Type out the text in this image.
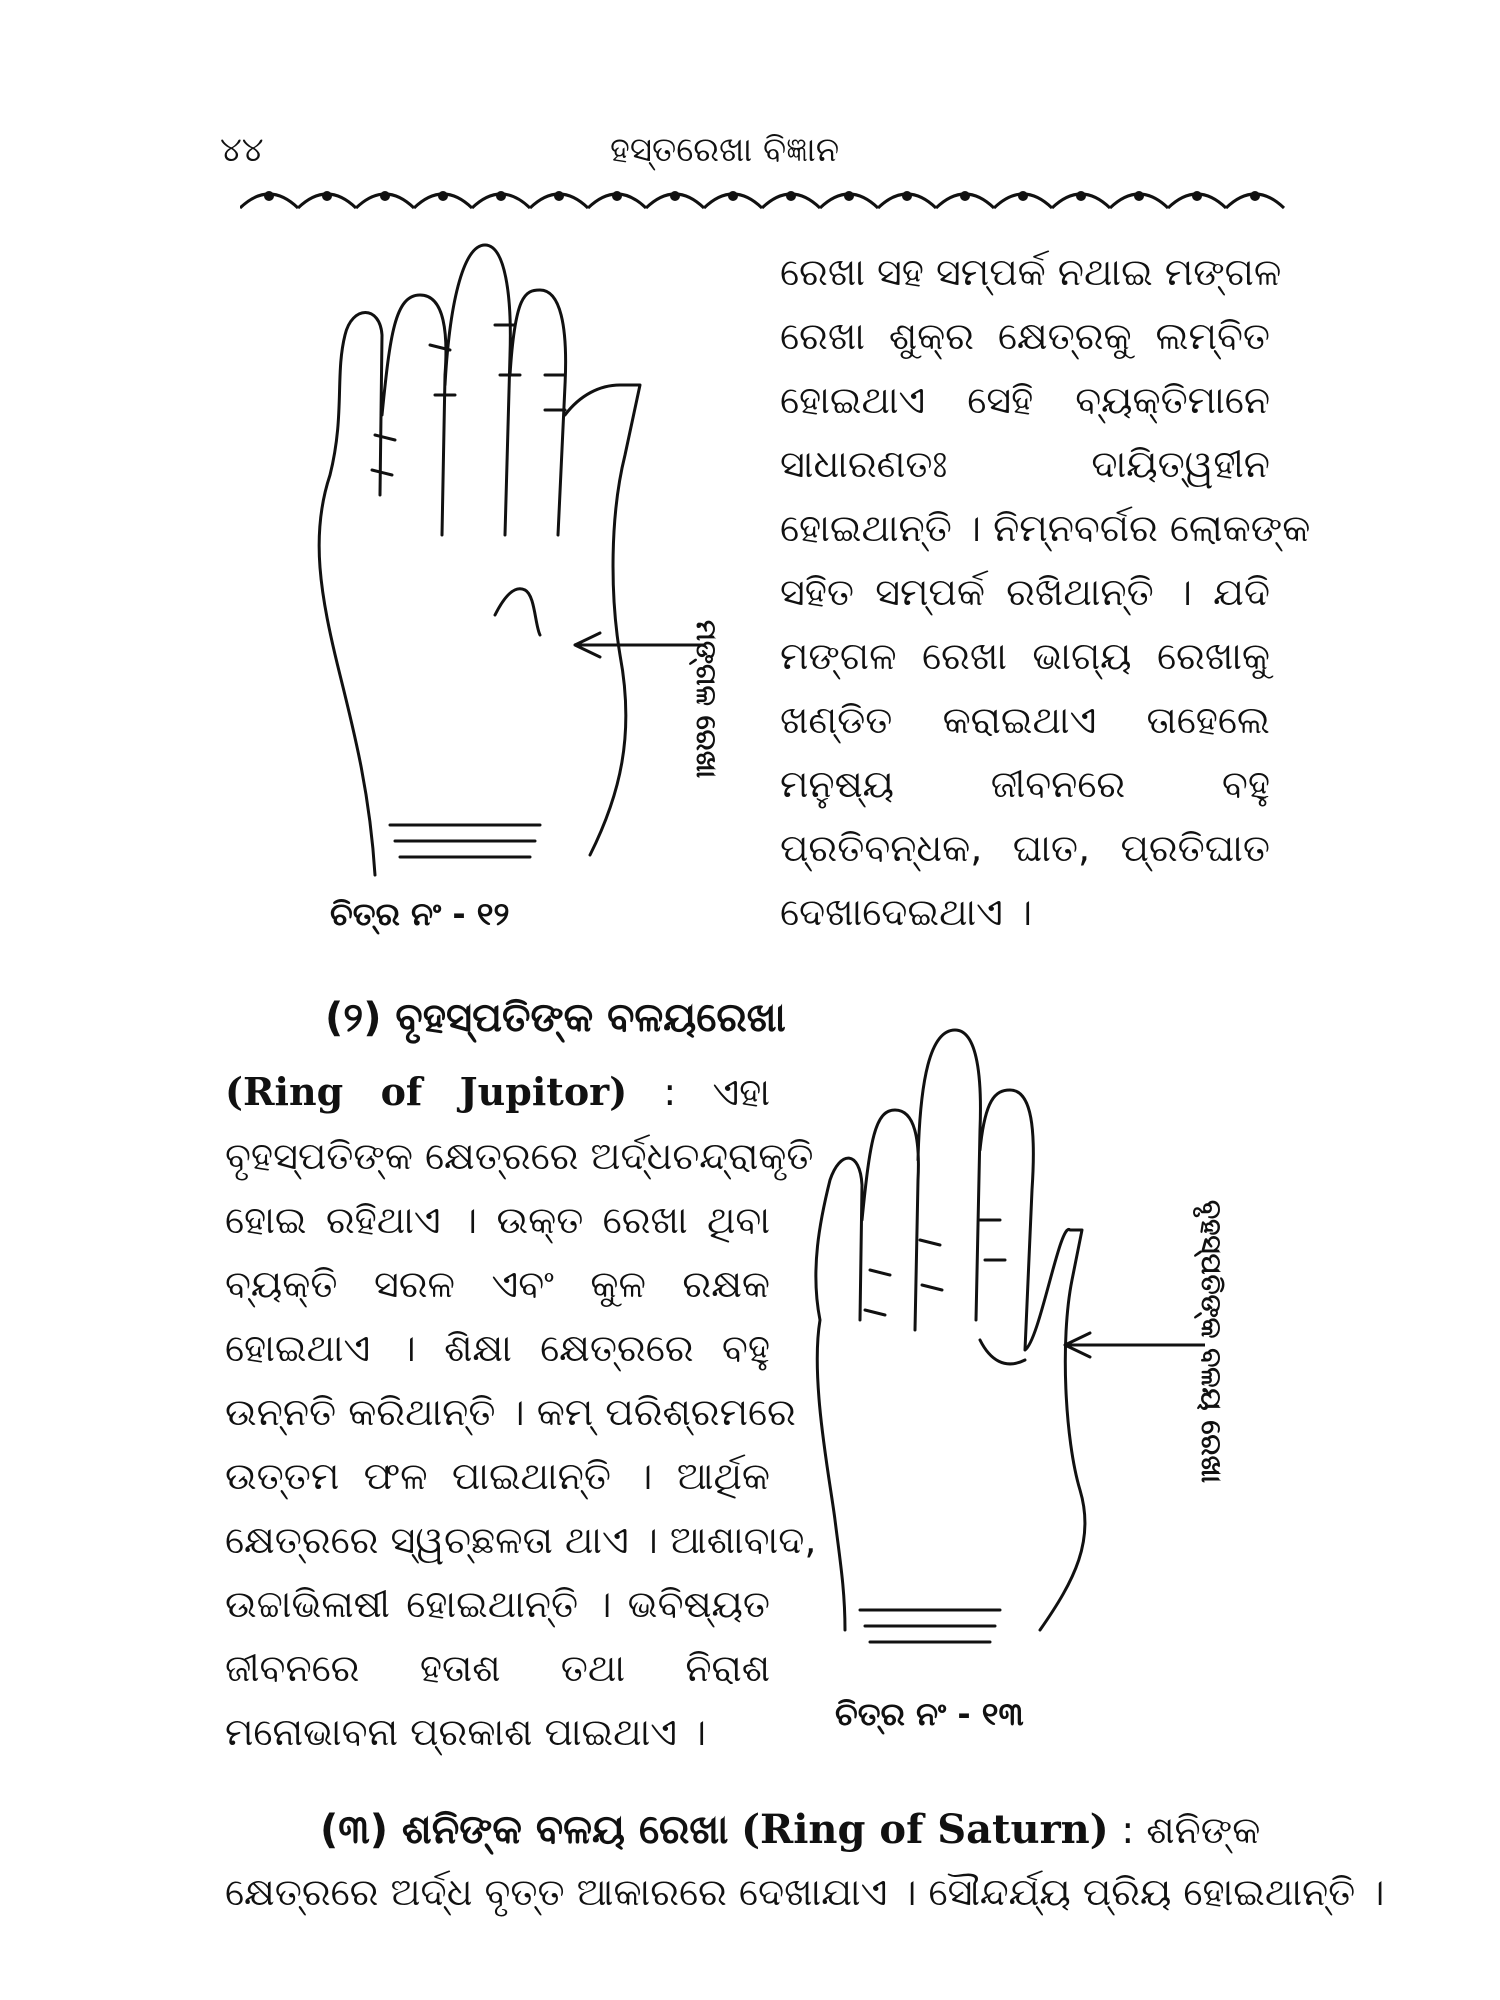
୪୪	ହସ୍ତରେଖା ବିଜ୍ଞାନ
ମଙ୍ଗଳ ରେଖା
ଚିତ୍ର ନଂ - ୧୨
ରେଖା ସହ ସମ୍ପର୍କ ନଥାଇ ମଙ୍ଗଳ
ରେଖା ଶୁକ୍ର କ୍ଷେତ୍ରକୁ ଲମ୍ବିତ
ହୋଇଥାଏ ସେହି ବ୍ୟକ୍ତିମାନେ
ସାଧାରଣତଃ ଦାୟିତ୍ୱହୀନ
ହୋଇଥାନ୍ତି । ନିମ୍ନବର୍ଗର ଲୋକଙ୍କ
ସହିତ ସମ୍ପର୍କ ରଖିଥାନ୍ତି । ଯଦି
ମଙ୍ଗଳ ରେଖା ଭାଗ୍ୟ ରେଖାକୁ
ଖଣ୍ଡିତ କରାଇଥାଏ ତାହେଲେ
ମନୁଷ୍ୟ ଜୀବନରେ ବହୁ
ପ୍ରତିବନ୍ଧକ, ଘାତ, ପ୍ରତିଘାତ
ଦେଖାଦେଇଥାଏ ।
(୨) ବୃହସ୍ପତିଙ୍କ ବଳୟରେଖା
(Ring of Jupitor) : ଏହା
ବୃହସ୍ପତିଙ୍କ କ୍ଷେତ୍ରରେ ଅର୍ଦ୍ଧଚନ୍ଦ୍ରାକୃତି
ହୋଇ ରହିଥାଏ । ଉକ୍ତ ରେଖା ଥିବା
ବ୍ୟକ୍ତି ସରଳ ଏବଂ କୁଳ ରକ୍ଷକ
ହୋଇଥାଏ । ଶିକ୍ଷା କ୍ଷେତ୍ରରେ ବହୁ
ଉନ୍ନତି କରିଥାନ୍ତି । କମ୍ ପରିଶ୍ରମରେ
ଉତ୍ତମ ଫଳ ପାଇଥାନ୍ତି । ଆର୍ଥିକ
କ୍ଷେତ୍ରରେ ସ୍ୱଚ୍ଛଳତା ଥାଏ । ଆଶାବାଦ,
ଉଚ୍ଚାଭିଳାଷୀ ହୋଇଥାନ୍ତି । ଭବିଷ୍ୟତ
ଜୀବନରେ ହତାଶ ତଥା ନିରାଶ
ମନୋଭାବନା ପ୍ରକାଶ ପାଇଥାଏ ।
ବୃହସ୍ପତିଙ୍କ ବଳୟ ରେଖା
ଚିତ୍ର ନଂ - ୧୩
(୩) ଶନିଙ୍କ ବଳୟ ରେଖା (Ring of Saturn) : ଶନିଙ୍କ
କ୍ଷେତ୍ରରେ ଅର୍ଦ୍ଧ ବୃତ୍ତ ଆକାରରେ ଦେଖାଯାଏ । ସୌନ୍ଦର୍ଯ୍ୟ ପ୍ରିୟ ହୋଇଥାନ୍ତି ।
